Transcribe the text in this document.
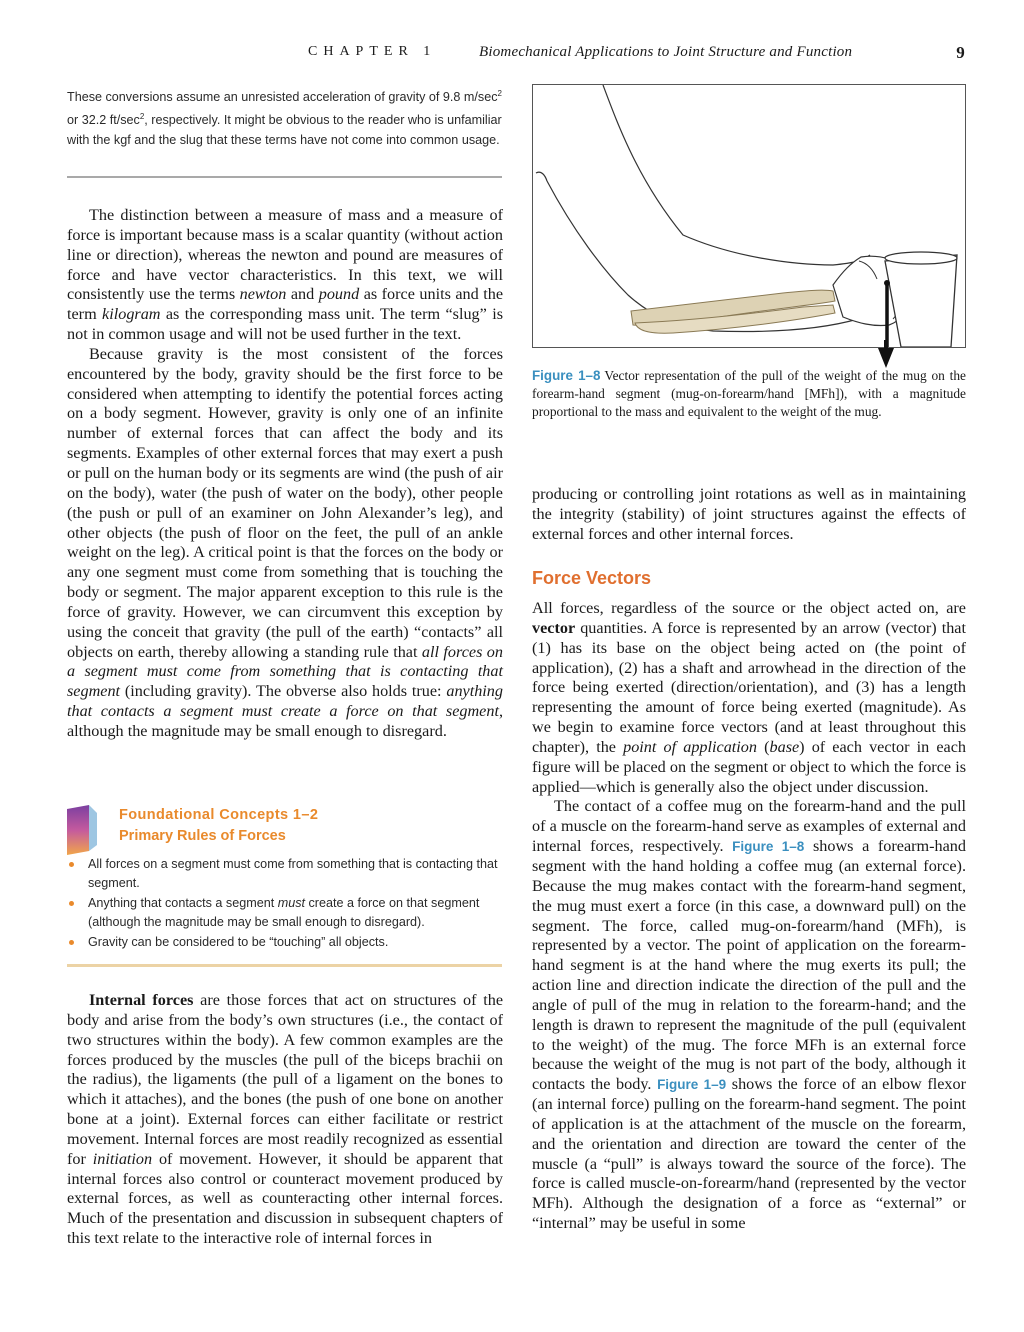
CHAPTER 1	Biomechanical Applications to Joint Structure and Function	9
These conversions assume an unresisted acceleration of gravity of 9.8 $m/\sec^2$ or 32.2 $ft/\sec^2$, respectively. It might be obvious to the reader who is unfamiliar with the kgf and the slug that these terms have not come into common usage.

The distinction between a measure of mass and a measure of force is important because mass is a scalar quantity (without action line or direction), whereas the newton and pound are measures of force and have vector characteristics. In this text, we will consistently use the terms newton and pound as force units and the term kilogram as the corresponding mass unit. The term “slug” is not in common usage and will not be used further in the text.

Because gravity is the most consistent of the forces encountered by the body, gravity should be the first force to be considered when attempting to identify the potential forces acting on a body segment. However, gravity is only one of an infinite number of external forces that can affect the body and its segments. Examples of other external forces that may exert a push or pull on the human body or its segments are wind (the push of air on the body), water (the push of water on the body), other people (the push or pull of an examiner on John Alexander’s leg), and other objects (the push of floor on the feet, the pull of an ankle weight on the leg). A critical point is that the forces on the body or any one segment must come from something that is touching the body or segment. The major apparent exception to this rule is the force of gravity. However, we can circumvent this exception by using the conceit that gravity (the pull of the earth) “contacts” all objects on earth, thereby allowing a standing rule that all forces on a segment must come from something that is contacting that segment (including gravity). The obverse also holds true: anything that contacts a segment must create a force on that segment, although the magnitude may be small enough to disregard.

Foundational Concepts 1–2
Primary Rules of Forces
All forces on a segment must come from something that is contacting that segment.
Anything that contacts a segment must create a force on that segment (although the magnitude may be small enough to disregard).
Gravity can be considered to be “touching” all objects.

Internal forces are those forces that act on structures of the body and arise from the body’s own structures (i.e., the contact of two structures within the body). A few common examples are the forces produced by the muscles (the pull of the biceps brachii on the radius), the ligaments (the pull of a ligament on the bones to which it attaches), and the bones (the push of one bone on another bone at a joint). External forces can either facilitate or restrict movement. Internal forces are most readily recognized as essential for initiation of movement. However, it should be apparent that internal forces also control or counteract movement produced by external forces, as well as counteracting other internal forces. Much of the presentation and discussion in subsequent chapters of this text relate to the interactive role of internal forces in

Figure 1–8 Vector representation of the pull of the weight of the mug on the forearm-hand segment (mug-on-forearm/hand [MFh]), with a magnitude proportional to the mass and equivalent to the weight of the mug.

producing or controlling joint rotations as well as in maintaining the integrity (stability) of joint structures against the effects of external forces and other internal forces.

Force Vectors

All forces, regardless of the source or the object acted on, are vector quantities. A force is represented by an arrow (vector) that (1) has its base on the object being acted on (the point of application), (2) has a shaft and arrowhead in the direction of the force being exerted (direction/orientation), and (3) has a length representing the amount of force being exerted (magnitude). As we begin to examine force vectors (and at least throughout this chapter), the point of application (base) of each vector in each figure will be placed on the segment or object to which the force is applied—which is generally also the object under discussion.

The contact of a coffee mug on the forearm-hand and the pull of a muscle on the forearm-hand serve as examples of external and internal forces, respectively. Figure 1–8 shows a forearm-hand segment with the hand holding a coffee mug (an external force). Because the mug makes contact with the forearm-hand segment, the mug must exert a force (in this case, a downward pull) on the segment. The force, called mug-on-forearm/hand (MFh), is represented by a vector. The point of application on the forearm-hand segment is at the hand where the mug exerts its pull; the action line and direction indicate the direction of the pull and the angle of pull of the mug in relation to the forearm-hand; and the length is drawn to represent the magnitude of the pull (equivalent to the weight) of the mug. The force MFh is an external force because the weight of the mug is not part of the body, although it contacts the body. Figure 1–9 shows the force of an elbow flexor (an internal force) pulling on the forearm-hand segment. The point of application is at the attachment of the muscle on the forearm, and the orientation and direction are toward the center of the muscle (a “pull” is always toward the source of the force). The force is called muscle-on-forearm/hand (represented by the vector MFh). Although the designation of a force as “external” or “internal” may be useful in some
